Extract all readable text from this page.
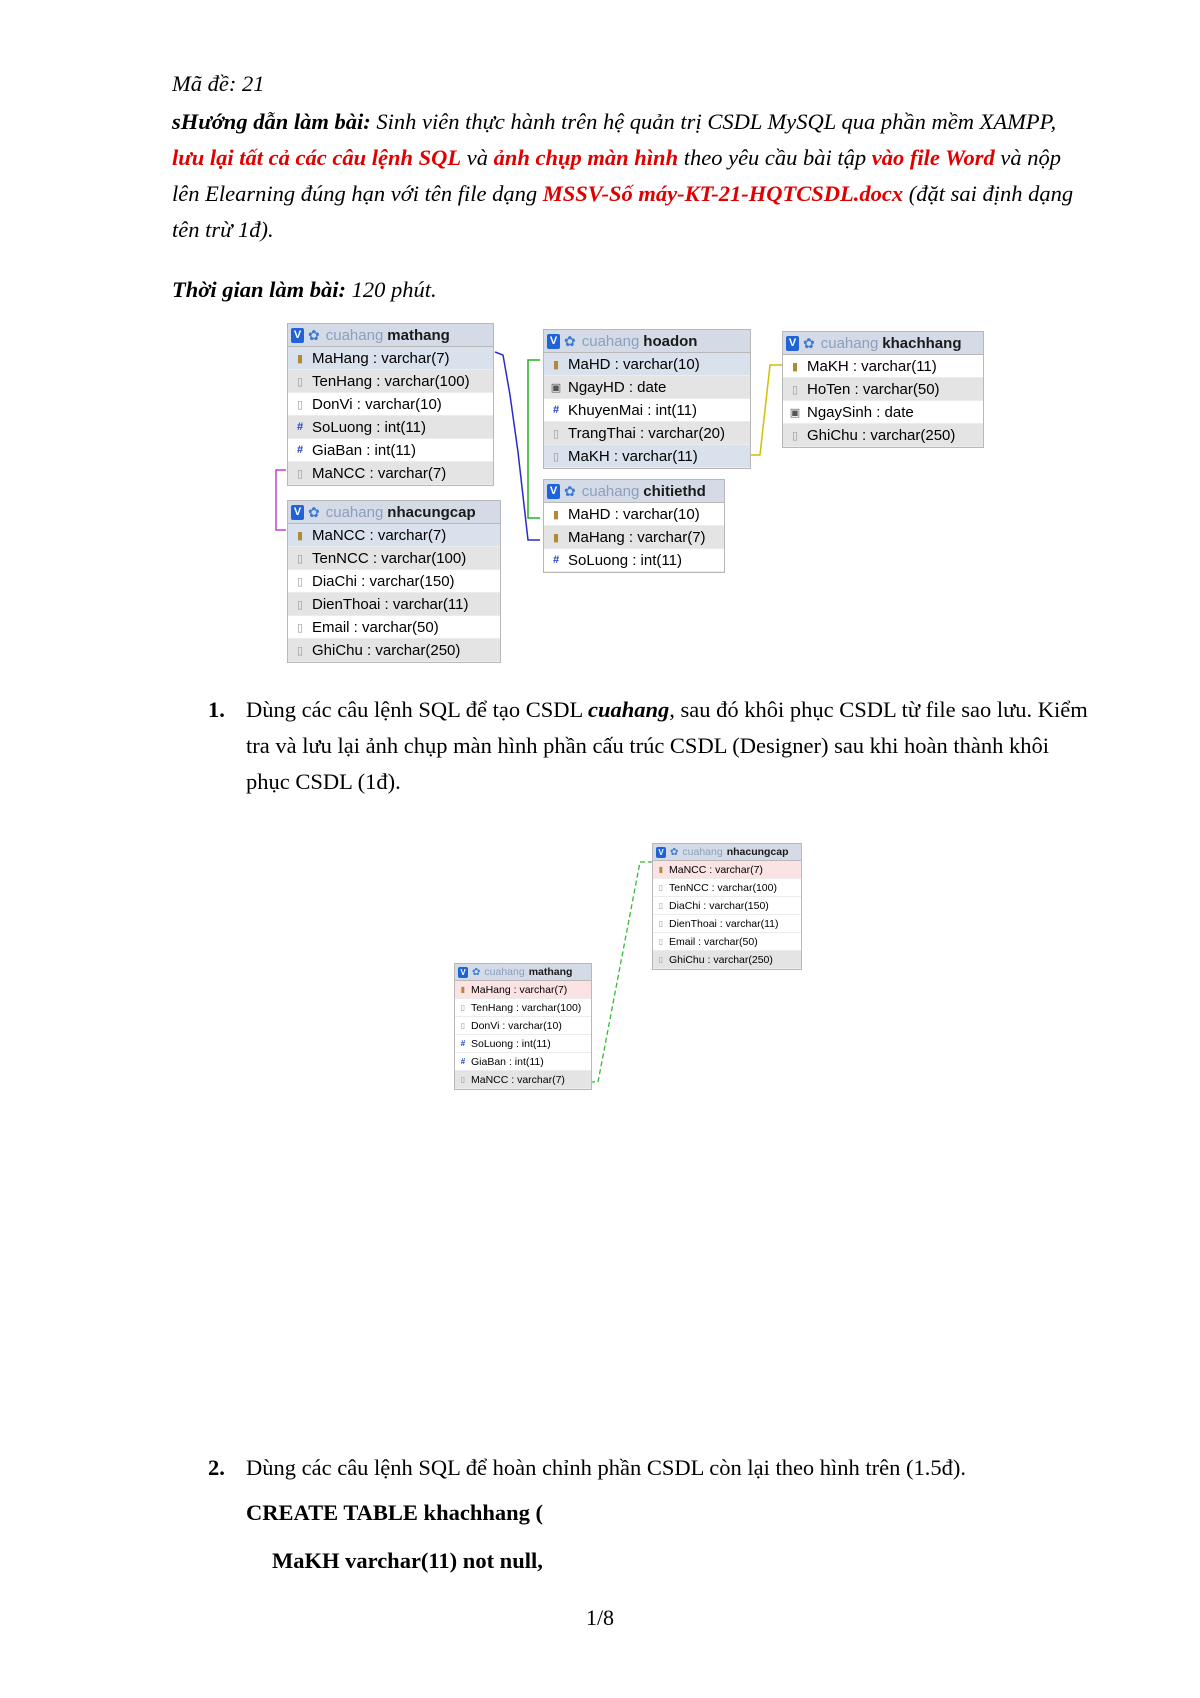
Mã đề: 21
sHướng dẫn làm bài: Sinh viên thực hành trên hệ quản trị CSDL MySQL qua phần mềm XAMPP, lưu lại tất cả các câu lệnh SQL và ảnh chụp màn hình theo yêu cầu bài tập vào file Word và nộp lên Elearning đúng hạn với tên file dạng MSSV-Số máy-KT-21-HQTCSDL.docx (đặt sai định dạng tên trừ 1đ).
Thời gian làm bài: 120 phút.
V ✿ cuahang mathang
▮ MaHang : varchar(7)
▯ TenHang : varchar(100)
▯ DonVi : varchar(10)
# SoLuong : int(11)
# GiaBan : int(11)
▯ MaNCC : varchar(7)
V ✿ cuahang nhacungcap
▮ MaNCC : varchar(7)
▯ TenNCC : varchar(100)
▯ DiaChi : varchar(150)
▯ DienThoai : varchar(11)
▯ Email : varchar(50)
▯ GhiChu : varchar(250)
V ✿ cuahang hoadon
▮ MaHD : varchar(10)
▣ NgayHD : date
# KhuyenMai : int(11)
▯ TrangThai : varchar(20)
▯ MaKH : varchar(11)
V ✿ cuahang chitiethd
▮ MaHD : varchar(10)
▮ MaHang : varchar(7)
# SoLuong : int(11)
V ✿ cuahang khachhang
▮ MaKH : varchar(11)
▯ HoTen : varchar(50)
▣ NgaySinh : date
▯ GhiChu : varchar(250)
1. Dùng các câu lệnh SQL để tạo CSDL cuahang, sau đó khôi phục CSDL từ file sao lưu. Kiểm tra và lưu lại ảnh chụp màn hình phần cấu trúc CSDL (Designer) sau khi hoàn thành khôi phục CSDL (1đ).
V ✿ cuahang nhacungcap
▮ MaNCC : varchar(7)
▯ TenNCC : varchar(100)
▯ DiaChi : varchar(150)
▯ DienThoai : varchar(11)
▯ Email : varchar(50)
▯ GhiChu : varchar(250)
V ✿ cuahang mathang
▮ MaHang : varchar(7)
▯ TenHang : varchar(100)
▯ DonVi : varchar(10)
# SoLuong : int(11)
# GiaBan : int(11)
▯ MaNCC : varchar(7)
2. Dùng các câu lệnh SQL để hoàn chỉnh phần CSDL còn lại theo hình trên (1.5đ).
CREATE TABLE khachhang (
MaKH varchar(11) not null,
1/8
